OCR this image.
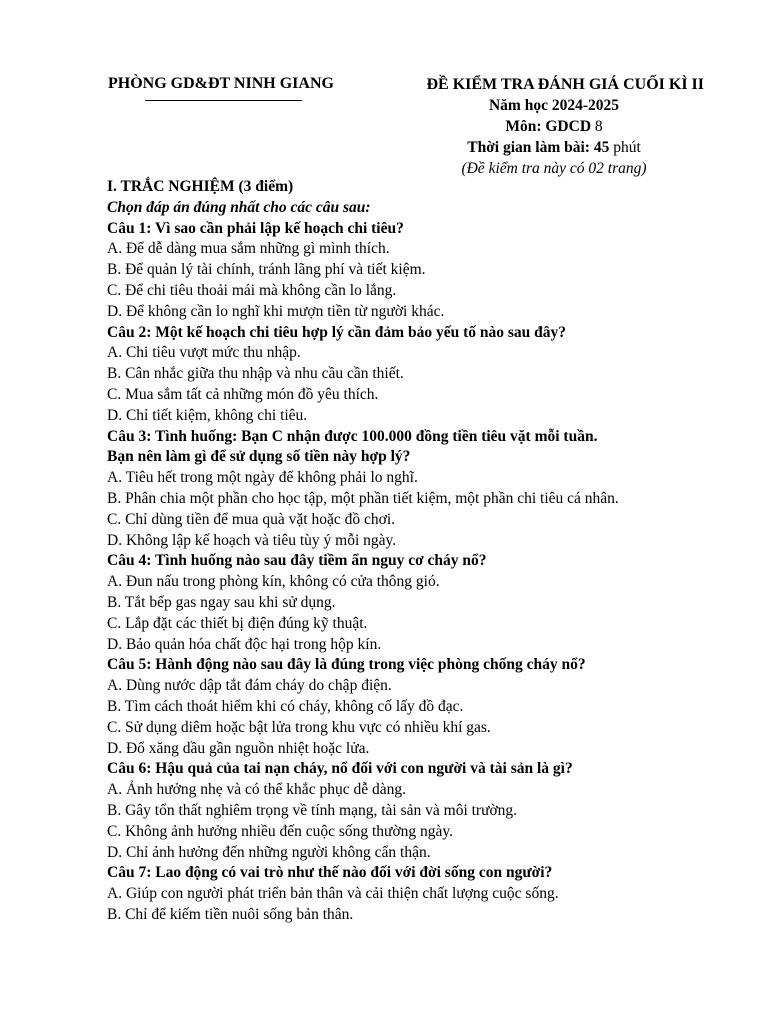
PHÒNG GD&ĐT NINH GIANG	ĐỀ KIỂM TRA ĐÁNH GIÁ CUỐI KÌ II
Năm học 2024-2025
Môn: GDCD 8
Thời gian làm bài: 45 phút
(Đề kiểm tra này có 02 trang)
I. TRẮC NGHIỆM (3 điểm)
Chọn đáp án đúng nhất cho các câu sau:
Câu 1: Vì sao cần phải lập kế hoạch chi tiêu?
A. Để dễ dàng mua sắm những gì mình thích.
B. Để quản lý tài chính, tránh lãng phí và tiết kiệm.
C. Để chi tiêu thoải mái mà không cần lo lắng.
D. Để không cần lo nghĩ khi mượn tiền từ người khác.
Câu 2: Một kế hoạch chi tiêu hợp lý cần đảm bảo yếu tố nào sau đây?
A. Chi tiêu vượt mức thu nhập.
B. Cân nhắc giữa thu nhập và nhu cầu cần thiết.
C. Mua sắm tất cả những món đồ yêu thích.
D. Chỉ tiết kiệm, không chi tiêu.
Câu 3: Tình huống: Bạn C nhận được 100.000 đồng tiền tiêu vặt mỗi tuần.
Bạn nên làm gì để sử dụng số tiền này hợp lý?
A. Tiêu hết trong một ngày để không phải lo nghĩ.
B. Phân chia một phần cho học tập, một phần tiết kiệm, một phần chi tiêu cá nhân.
C. Chỉ dùng tiền để mua quà vặt hoặc đồ chơi.
D. Không lập kế hoạch và tiêu tùy ý mỗi ngày.
Câu 4: Tình huống nào sau đây tiềm ẩn nguy cơ cháy nổ?
A. Đun nấu trong phòng kín, không có cửa thông gió.
B. Tắt bếp gas ngay sau khi sử dụng.
C. Lắp đặt các thiết bị điện đúng kỹ thuật.
D. Bảo quản hóa chất độc hại trong hộp kín.
Câu 5: Hành động nào sau đây là đúng trong việc phòng chống cháy nổ?
A. Dùng nước dập tắt đám cháy do chập điện.
B. Tìm cách thoát hiểm khi có cháy, không cố lấy đồ đạc.
C. Sử dụng diêm hoặc bật lửa trong khu vực có nhiều khí gas.
D. Đổ xăng dầu gần nguồn nhiệt hoặc lửa.
Câu 6: Hậu quả của tai nạn cháy, nổ đối với con người và tài sản là gì?
A. Ảnh hưởng nhẹ và có thể khắc phục dễ dàng.
B. Gây tổn thất nghiêm trọng về tính mạng, tài sản và môi trường.
C. Không ảnh hưởng nhiều đến cuộc sống thường ngày.
D. Chỉ ảnh hưởng đến những người không cẩn thận.
Câu 7: Lao động có vai trò như thế nào đối với đời sống con người?
A. Giúp con người phát triển bản thân và cải thiện chất lượng cuộc sống.
B. Chỉ để kiếm tiền nuôi sống bản thân.
